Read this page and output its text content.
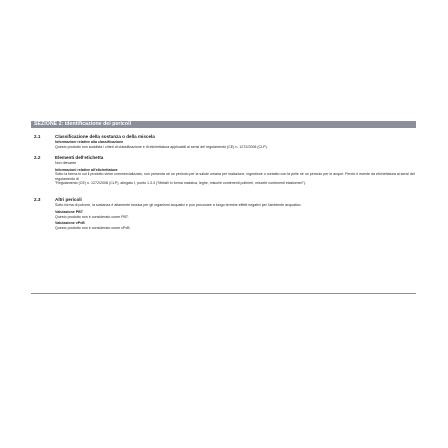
SEZIONE 2: identificazione dei pericoli
2.1	Classificazione della sostanza o della miscela
Informazioni relative alla classificazione
Questo prodotto non soddisfa i criteri di classificazione e di etichettatura applicabili ai sensi del regolamento (CE) n. 1272/2008 (CLP).
2.2	Elementi dell'etichetta
Non rilevante
Informazioni relative all'etichettatura
Sotto la forma in cui il prodotto viene commercializzato, non presenta né un pericolo per la salute umana per inalazione, ingestione o contatto con la pelle né un pericolo per le acque. Perciò è esente da etichettatura ai sensi del regolamento di
"Regolamento (CE) n. 1272/2008 (CLP), allegato I, punto 1.3.4 ("Metalli in forma massiva, leghe, miscele contenenti polimeri, miscele contenenti elastomeri").
2.3	Altri pericoli
Sotto forma di polvere, la sostanza è altamente tossica per gli organismi acquatici e può provocare a lungo termine effetti negativi per l'ambiente acquatico.
Valutazione PBT
Questo prodotto non è considerato come PBT.
Valutazione vPvB
Questo prodotto non è considerato come vPvB.
